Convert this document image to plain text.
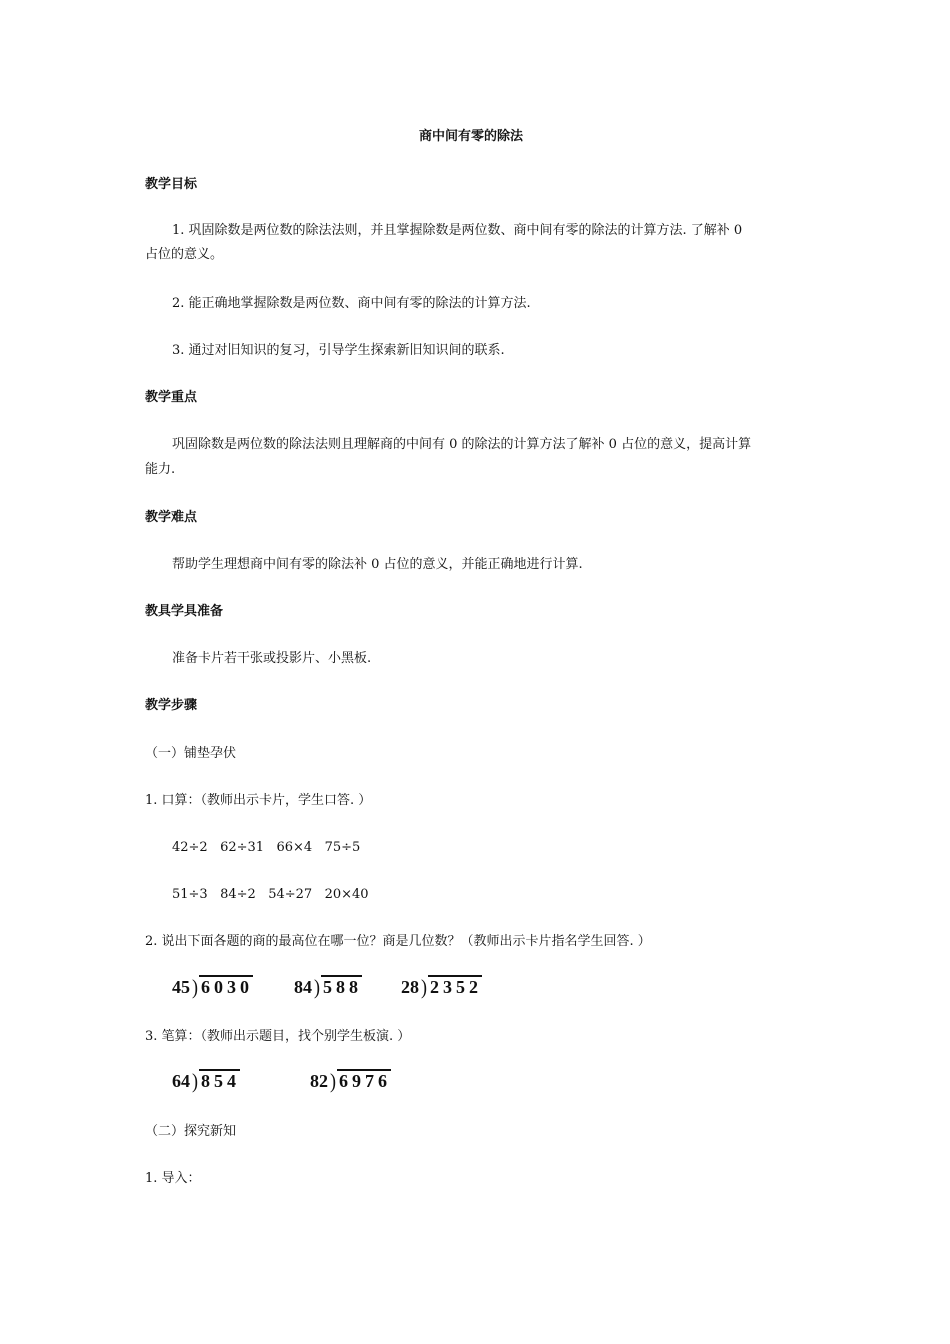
商中间有零的除法
教学目标
1. 巩固除数是两位数的除法法则，并且掌握除数是两位数、商中间有零的除法的计算方法. 了解补 0
占位的意义。
2. 能正确地掌握除数是两位数、商中间有零的除法的计算方法.
3. 通过对旧知识的复习，引导学生探索新旧知识间的联系.
教学重点
巩固除数是两位数的除法法则且理解商的中间有 0 的除法的计算方法了解补 0 占位的意义，提高计算
能力.
教学难点
帮助学生理想商中间有零的除法补 0 占位的意义，并能正确地进行计算.
教具学具准备
准备卡片若干张或投影片、小黑板.
教学步骤
（一）铺垫孕伏
1. 口算：（教师出示卡片，学生口答. ）
42÷2   62÷31   66×4   75÷5
51÷3   84÷2   54÷27   20×40
2. 说出下面各题的商的最高位在哪一位？商是几位数？（教师出示卡片指名学生回答. ）
45 ) 6030 84 ) 588 28 ) 2352
3. 笔算：（教师出示题目，找个别学生板演. ）
64 ) 854	82 ) 6976
（二）探究新知
1. 导入：
